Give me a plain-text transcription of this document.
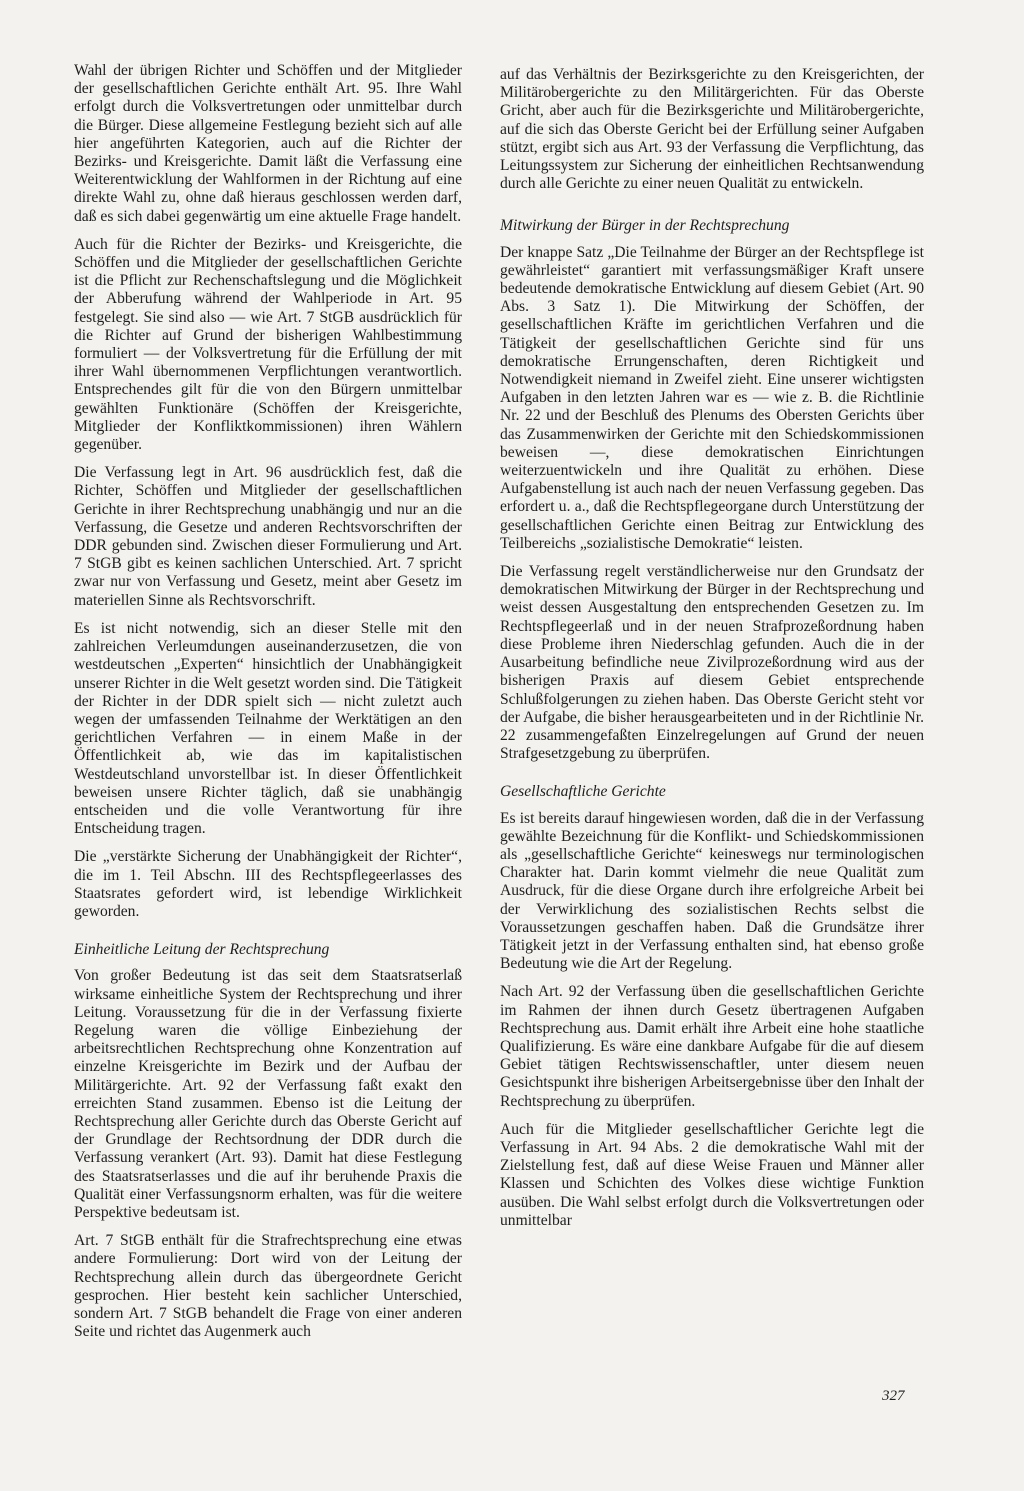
Wahl der übrigen Richter und Schöffen und der Mitglieder der gesellschaftlichen Gerichte enthält Art. 95. Ihre Wahl erfolgt durch die Volksvertretungen oder unmittelbar durch die Bürger. Diese allgemeine Festlegung bezieht sich auf alle hier angeführten Kategorien, auch auf die Richter der Bezirks- und Kreisgerichte. Damit läßt die Verfassung eine Weiterentwicklung der Wahlformen in der Richtung auf eine direkte Wahl zu, ohne daß hieraus geschlossen werden darf, daß es sich dabei gegenwärtig um eine aktuelle Frage handelt.

Auch für die Richter der Bezirks- und Kreisgerichte, die Schöffen und die Mitglieder der gesellschaftlichen Gerichte ist die Pflicht zur Rechenschaftslegung und die Möglichkeit der Abberufung während der Wahlperiode in Art. 95 festgelegt. Sie sind also — wie Art. 7 StGB ausdrücklich für die Richter auf Grund der bisherigen Wahlbestimmung formuliert — der Volksvertretung für die Erfüllung der mit ihrer Wahl übernommenen Verpflichtungen verantwortlich. Entsprechendes gilt für die von den Bürgern unmittelbar gewählten Funktionäre (Schöffen der Kreisgerichte, Mitglieder der Konfliktkommissionen) ihren Wählern gegenüber.

Die Verfassung legt in Art. 96 ausdrücklich fest, daß die Richter, Schöffen und Mitglieder der gesellschaftlichen Gerichte in ihrer Rechtsprechung unabhängig und nur an die Verfassung, die Gesetze und anderen Rechtsvorschriften der DDR gebunden sind. Zwischen dieser Formulierung und Art. 7 StGB gibt es keinen sachlichen Unterschied. Art. 7 spricht zwar nur von Verfassung und Gesetz, meint aber Gesetz im materiellen Sinne als Rechtsvorschrift.

Es ist nicht notwendig, sich an dieser Stelle mit den zahlreichen Verleumdungen auseinanderzusetzen, die von westdeutschen „Experten“ hinsichtlich der Unabhängigkeit unserer Richter in die Welt gesetzt worden sind. Die Tätigkeit der Richter in der DDR spielt sich — nicht zuletzt auch wegen der umfassenden Teilnahme der Werktätigen an den gerichtlichen Verfahren — in einem Maße in der Öffentlichkeit ab, wie das im kapitalistischen Westdeutschland unvorstellbar ist. In dieser Öffentlichkeit beweisen unsere Richter täglich, daß sie unabhängig entscheiden und die volle Verantwortung für ihre Entscheidung tragen.

Die „verstärkte Sicherung der Unabhängigkeit der Richter“, die im 1. Teil Abschn. III des Rechtspflegeerlasses des Staatsrates gefordert wird, ist lebendige Wirklichkeit geworden.

Einheitliche Leitung der Rechtsprechung

Von großer Bedeutung ist das seit dem Staatsratserlaß wirksame einheitliche System der Rechtsprechung und ihrer Leitung. Voraussetzung für die in der Verfassung fixierte Regelung waren die völlige Einbeziehung der arbeitsrechtlichen Rechtsprechung ohne Konzentration auf einzelne Kreisgerichte im Bezirk und der Aufbau der Militärgerichte. Art. 92 der Verfassung faßt exakt den erreichten Stand zusammen. Ebenso ist die Leitung der Rechtsprechung aller Gerichte durch das Oberste Gericht auf der Grundlage der Rechtsordnung der DDR durch die Verfassung verankert (Art. 93). Damit hat diese Festlegung des Staatsratserlasses und die auf ihr beruhende Praxis die Qualität einer Verfassungsnorm erhalten, was für die weitere Perspektive bedeutsam ist.

Art. 7 StGB enthält für die Strafrechtsprechung eine etwas andere Formulierung: Dort wird von der Leitung der Rechtsprechung allein durch das übergeordnete Gericht gesprochen. Hier besteht kein sachlicher Unterschied, sondern Art. 7 StGB behandelt die Frage von einer anderen Seite und richtet das Augenmerk auch

auf das Verhältnis der Bezirksgerichte zu den Kreisgerichten, der Militärobergerichte zu den Militärgerichten. Für das Oberste Gricht, aber auch für die Bezirksgerichte und Militärobergerichte, auf die sich das Oberste Gericht bei der Erfüllung seiner Aufgaben stützt, ergibt sich aus Art. 93 der Verfassung die Verpflichtung, das Leitungssystem zur Sicherung der einheitlichen Rechtsanwendung durch alle Gerichte zu einer neuen Qualität zu entwickeln.

Mitwirkung der Bürger in der Rechtsprechung

Der knappe Satz „Die Teilnahme der Bürger an der Rechtspflege ist gewährleistet“ garantiert mit verfassungsmäßiger Kraft unsere bedeutende demokratische Entwicklung auf diesem Gebiet (Art. 90 Abs. 3 Satz 1). Die Mitwirkung der Schöffen, der gesellschaftlichen Kräfte im gerichtlichen Verfahren und die Tätigkeit der gesellschaftlichen Gerichte sind für uns demokratische Errungenschaften, deren Richtigkeit und Notwendigkeit niemand in Zweifel zieht. Eine unserer wichtigsten Aufgaben in den letzten Jahren war es — wie z. B. die Richtlinie Nr. 22 und der Beschluß des Plenums des Obersten Gerichts über das Zusammenwirken der Gerichte mit den Schiedskommissionen beweisen —, diese demokratischen Einrichtungen weiterzuentwickeln und ihre Qualität zu erhöhen. Diese Aufgabenstellung ist auch nach der neuen Verfassung gegeben. Das erfordert u. a., daß die Rechtspflegeorgane durch Unterstützung der gesellschaftlichen Gerichte einen Beitrag zur Entwicklung des Teilbereichs „sozialistische Demokratie“ leisten.

Die Verfassung regelt verständlicherweise nur den Grundsatz der demokratischen Mitwirkung der Bürger in der Rechtsprechung und weist dessen Ausgestaltung den entsprechenden Gesetzen zu. Im Rechtspflegeerlaß und in der neuen Strafprozeßordnung haben diese Probleme ihren Niederschlag gefunden. Auch die in der Ausarbeitung befindliche neue Zivilprozeßordnung wird aus der bisherigen Praxis auf diesem Gebiet entsprechende Schlußfolgerungen zu ziehen haben. Das Oberste Gericht steht vor der Aufgabe, die bisher herausgearbeiteten und in der Richtlinie Nr. 22 zusammengefaßten Einzelregelungen auf Grund der neuen Strafgesetzgebung zu überprüfen.

Gesellschaftliche Gerichte

Es ist bereits darauf hingewiesen worden, daß die in der Verfassung gewählte Bezeichnung für die Konflikt- und Schiedskommissionen als „gesellschaftliche Gerichte“ keineswegs nur terminologischen Charakter hat. Darin kommt vielmehr die neue Qualität zum Ausdruck, für die diese Organe durch ihre erfolgreiche Arbeit bei der Verwirklichung des sozialistischen Rechts selbst die Voraussetzungen geschaffen haben. Daß die Grundsätze ihrer Tätigkeit jetzt in der Verfassung enthalten sind, hat ebenso große Bedeutung wie die Art der Regelung.

Nach Art. 92 der Verfassung üben die gesellschaftlichen Gerichte im Rahmen der ihnen durch Gesetz übertragenen Aufgaben Rechtsprechung aus. Damit erhält ihre Arbeit eine hohe staatliche Qualifizierung. Es wäre eine dankbare Aufgabe für die auf diesem Gebiet tätigen Rechtswissenschaftler, unter diesem neuen Gesichtspunkt ihre bisherigen Arbeitsergebnisse über den Inhalt der Rechtsprechung zu überprüfen.

Auch für die Mitglieder gesellschaftlicher Gerichte legt die Verfassung in Art. 94 Abs. 2 die demokratische Wahl mit der Zielstellung fest, daß auf diese Weise Frauen und Männer aller Klassen und Schichten des Volkes diese wichtige Funktion ausüben. Die Wahl selbst erfolgt durch die Volksvertretungen oder unmittelbar

327
